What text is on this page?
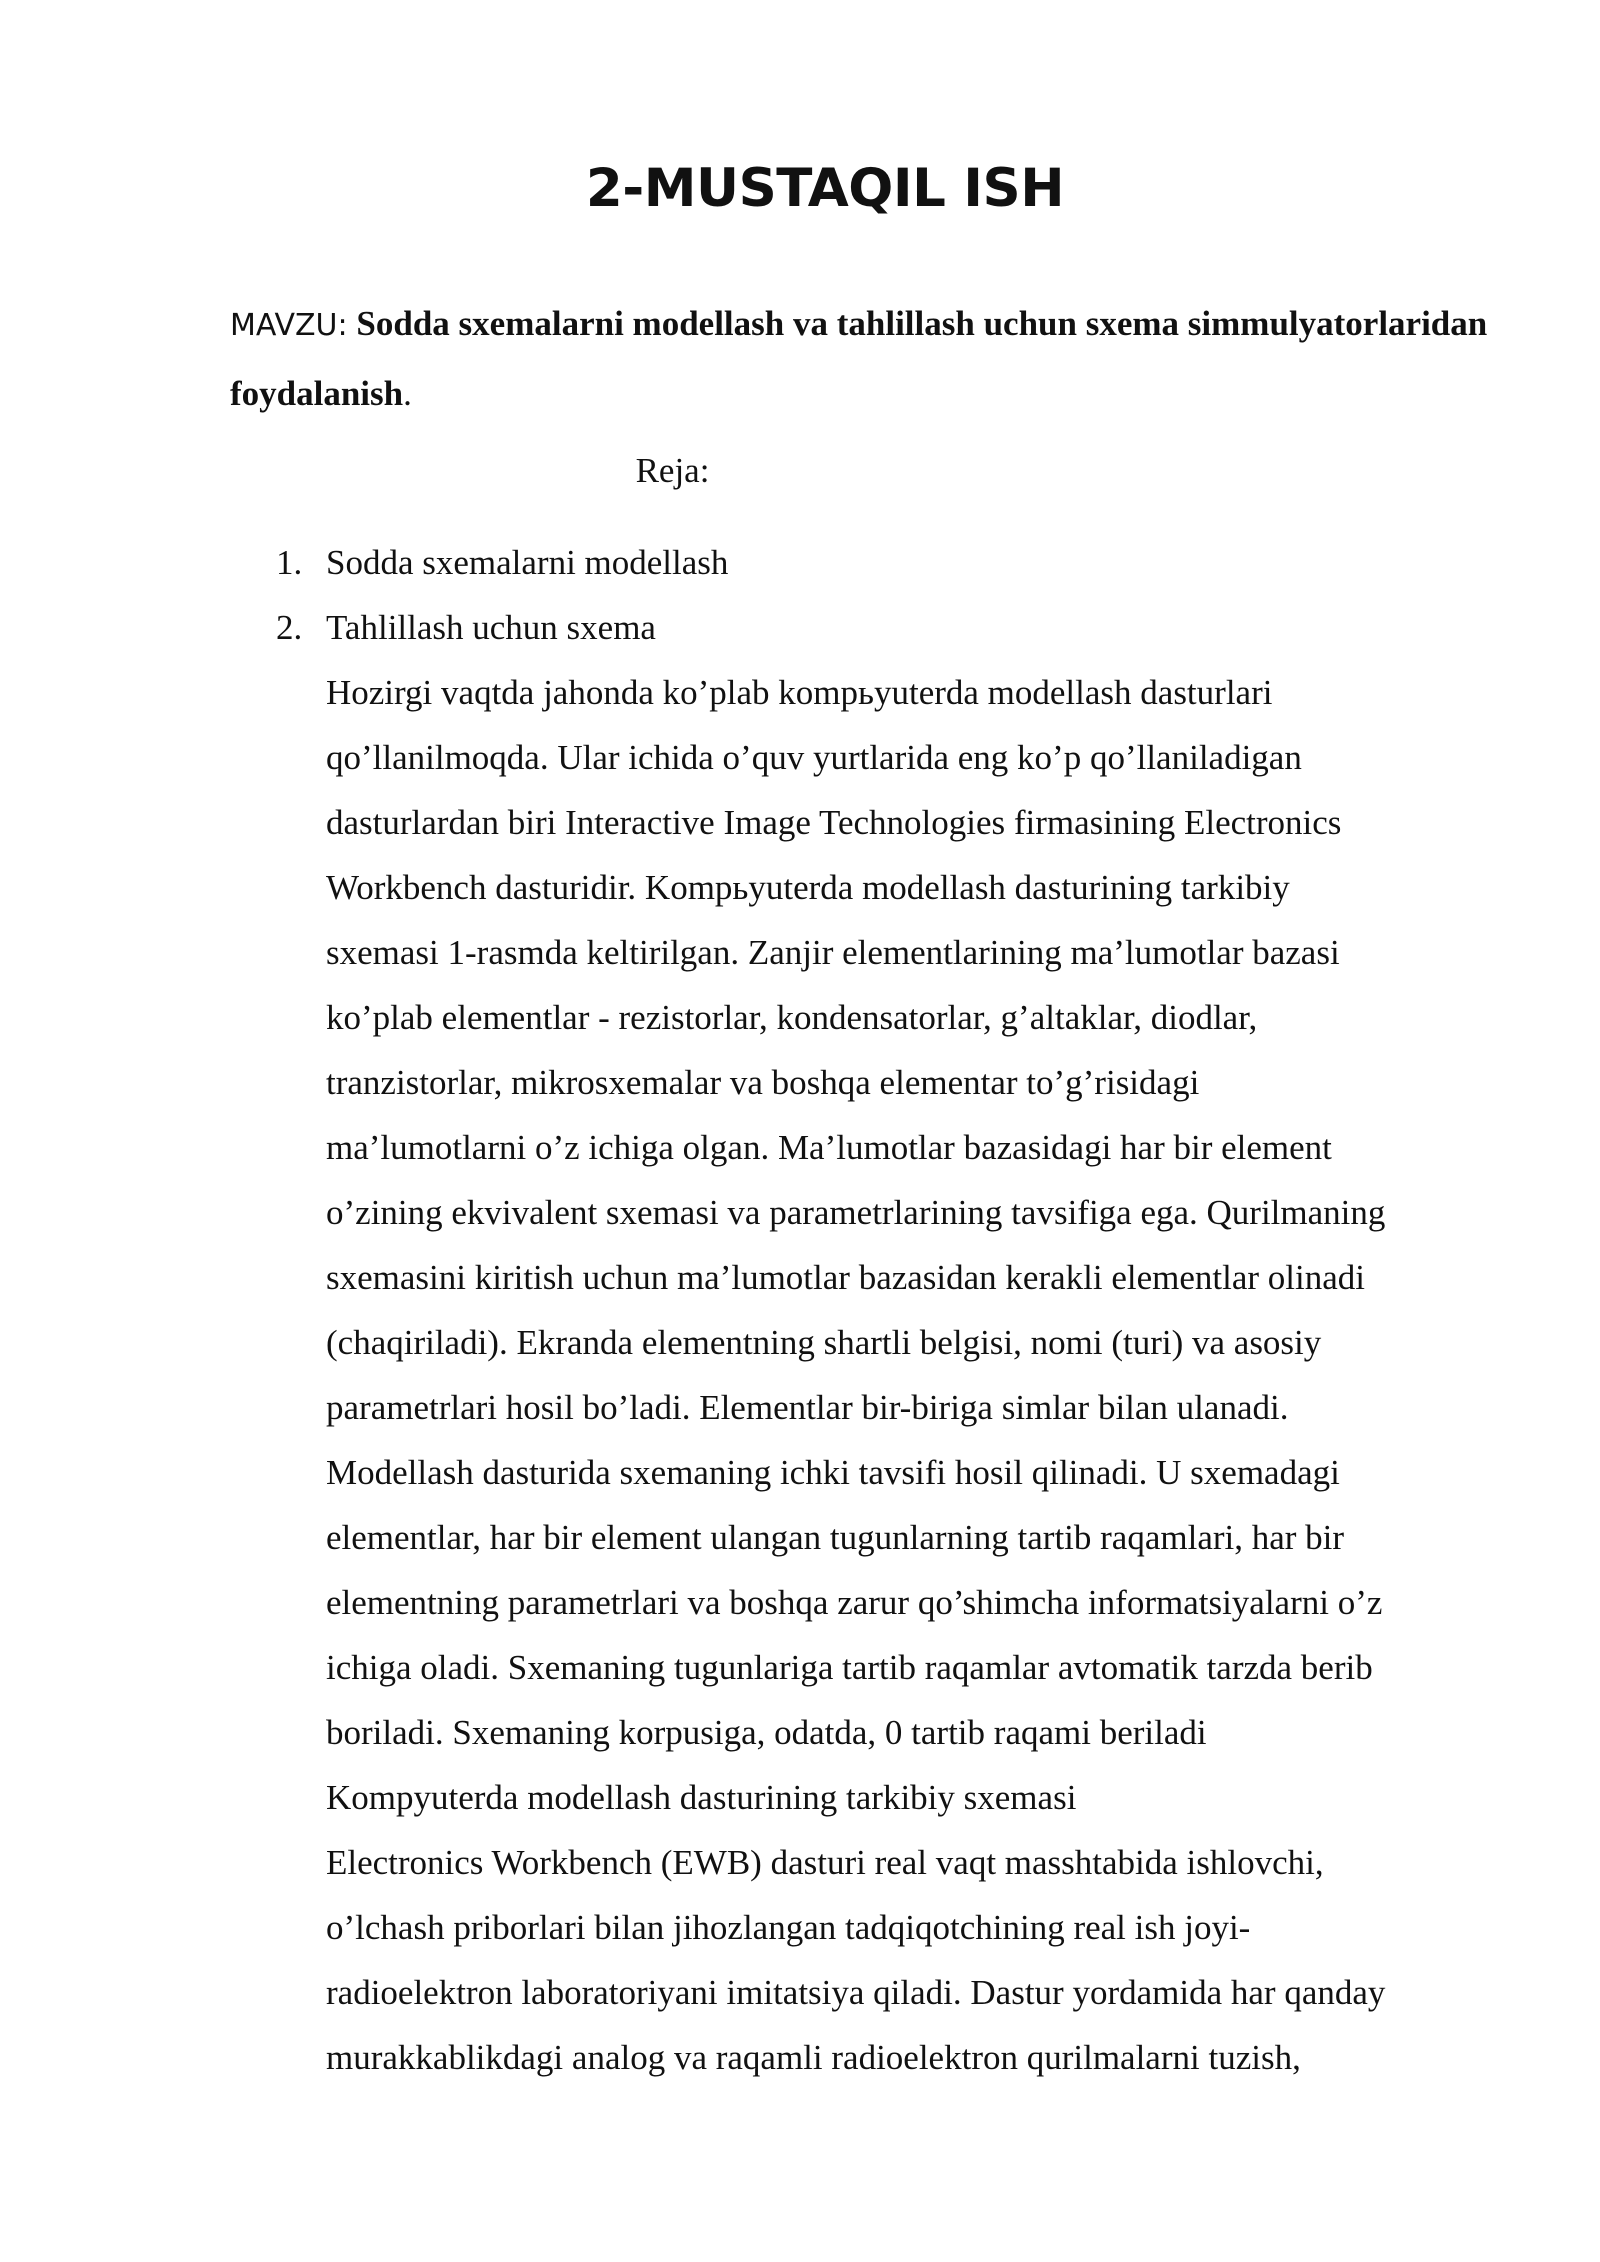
2-MUSTAQIL ISH
MAVZU: Sodda sxemalarni modellash va tahlillash uchun sxema simmulyatorlaridan foydalanish.
Reja:
1. Sodda sxemalarni modellash
2. Tahlillash uchun sxema
Hozirgi vaqtda jahonda ko’plab kompьyuterda modellash dasturlari
qo’llanilmoqda. Ular ichida o’quv yurtlarida eng ko’p qo’llaniladigan
dasturlardan biri Interactive Image Technologies firmasining Electronics
Workbench dasturidir. Kompьyuterda modellash dasturining tarkibiy
sxemasi 1-rasmda keltirilgan. Zanjir elementlarining ma’lumotlar bazasi
ko’plab elementlar - rezistorlar, kondensatorlar, g’altaklar, diodlar,
tranzistorlar, mikrosxemalar va boshqa elementar to’g’risidagi
ma’lumotlarni o’z ichiga olgan. Ma’lumotlar bazasidagi har bir element
o’zining ekvivalent sxemasi va parametrlarining tavsifiga ega. Qurilmaning
sxemasini kiritish uchun ma’lumotlar bazasidan kerakli elementlar olinadi
(chaqiriladi). Ekranda elementning shartli belgisi, nomi (turi) va asosiy
parametrlari hosil bo’ladi. Elementlar bir-biriga simlar bilan ulanadi.
Modellash dasturida sxemaning ichki tavsifi hosil qilinadi. U sxemadagi
elementlar, har bir element ulangan tugunlarning tartib raqamlari, har bir
elementning parametrlari va boshqa zarur qo’shimcha informatsiyalarni o’z
ichiga oladi. Sxemaning tugunlariga tartib raqamlar avtomatik tarzda berib
boriladi. Sxemaning korpusiga, odatda, 0 tartib raqami beriladi
Kompyuterda modellash dasturining tarkibiy sxemasi
Electronics Workbench (EWB) dasturi real vaqt masshtabida ishlovchi,
o’lchash priborlari bilan jihozlangan tadqiqotchining real ish joyi-
radioelektron laboratoriyani imitatsiya qiladi. Dastur yordamida har qanday
murakkablikdagi analog va raqamli radioelektron qurilmalarni tuzish,
